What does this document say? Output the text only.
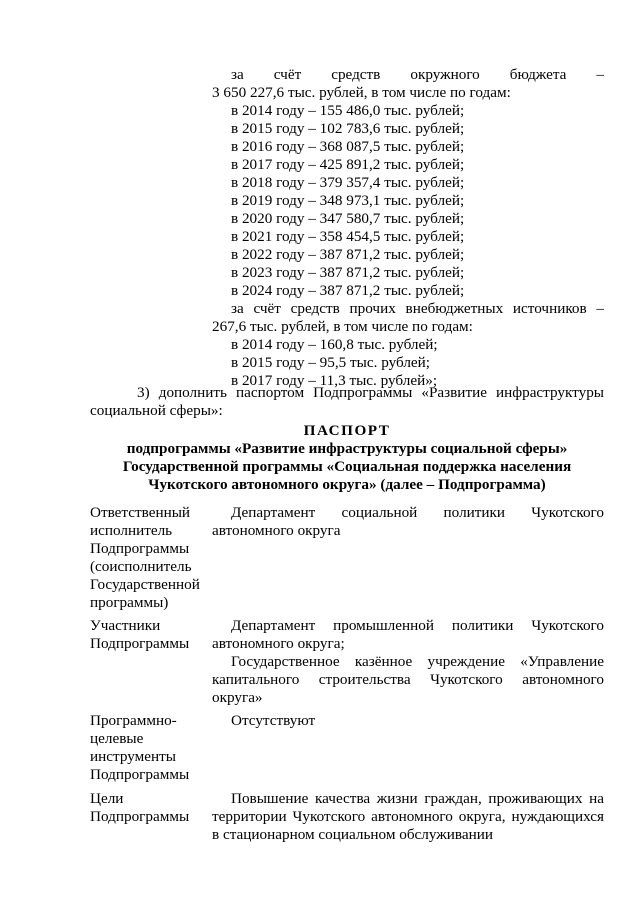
за счёт средств окружного бюджета –
3 650 227,6 тыс. рублей, в том числе по годам:
в 2014 году – 155 486,0 тыс. рублей;
в 2015 году – 102 783,6 тыс. рублей;
в 2016 году – 368 087,5 тыс. рублей;
в 2017 году – 425 891,2 тыс. рублей;
в 2018 году – 379 357,4 тыс. рублей;
в 2019 году – 348 973,1 тыс. рублей;
в 2020 году – 347 580,7 тыс. рублей;
в 2021 году – 358 454,5 тыс. рублей;
в 2022 году – 387 871,2 тыс. рублей;
в 2023 году – 387 871,2 тыс. рублей;
в 2024 году – 387 871,2 тыс. рублей;
за счёт средств прочих внебюджетных источников –
267,6 тыс. рублей, в том числе по годам:
в 2014 году – 160,8 тыс. рублей;
в 2015 году – 95,5 тыс. рублей;
в 2017 году – 11,3 тыс. рублей»;
3) дополнить паспортом Подпрограммы «Развитие инфраструктуры социальной сферы»:
ПАСПОРТ
подпрограммы «Развитие инфраструктуры социальной сферы»
Государственной программы «Социальная поддержка населения
Чукотского автономного округа» (далее – Подпрограмма)
Ответственный
исполнитель
Подпрограммы
(соисполнитель
Государственной
программы)

Департамент социальной политики Чукотского автономного округа

Участники
Подпрограммы

Департамент промышленной политики Чукотского автономного округа;

Государственное казённое учреждение «Управление капитального строительства Чукотского автономного округа»

Программно-
целевые
инструменты
Подпрограммы

Отсутствуют

Цели
Подпрограммы

Повышение качества жизни граждан, проживающих на территории Чукотского автономного округа, нуждающихся в стационарном социальном обслуживании
